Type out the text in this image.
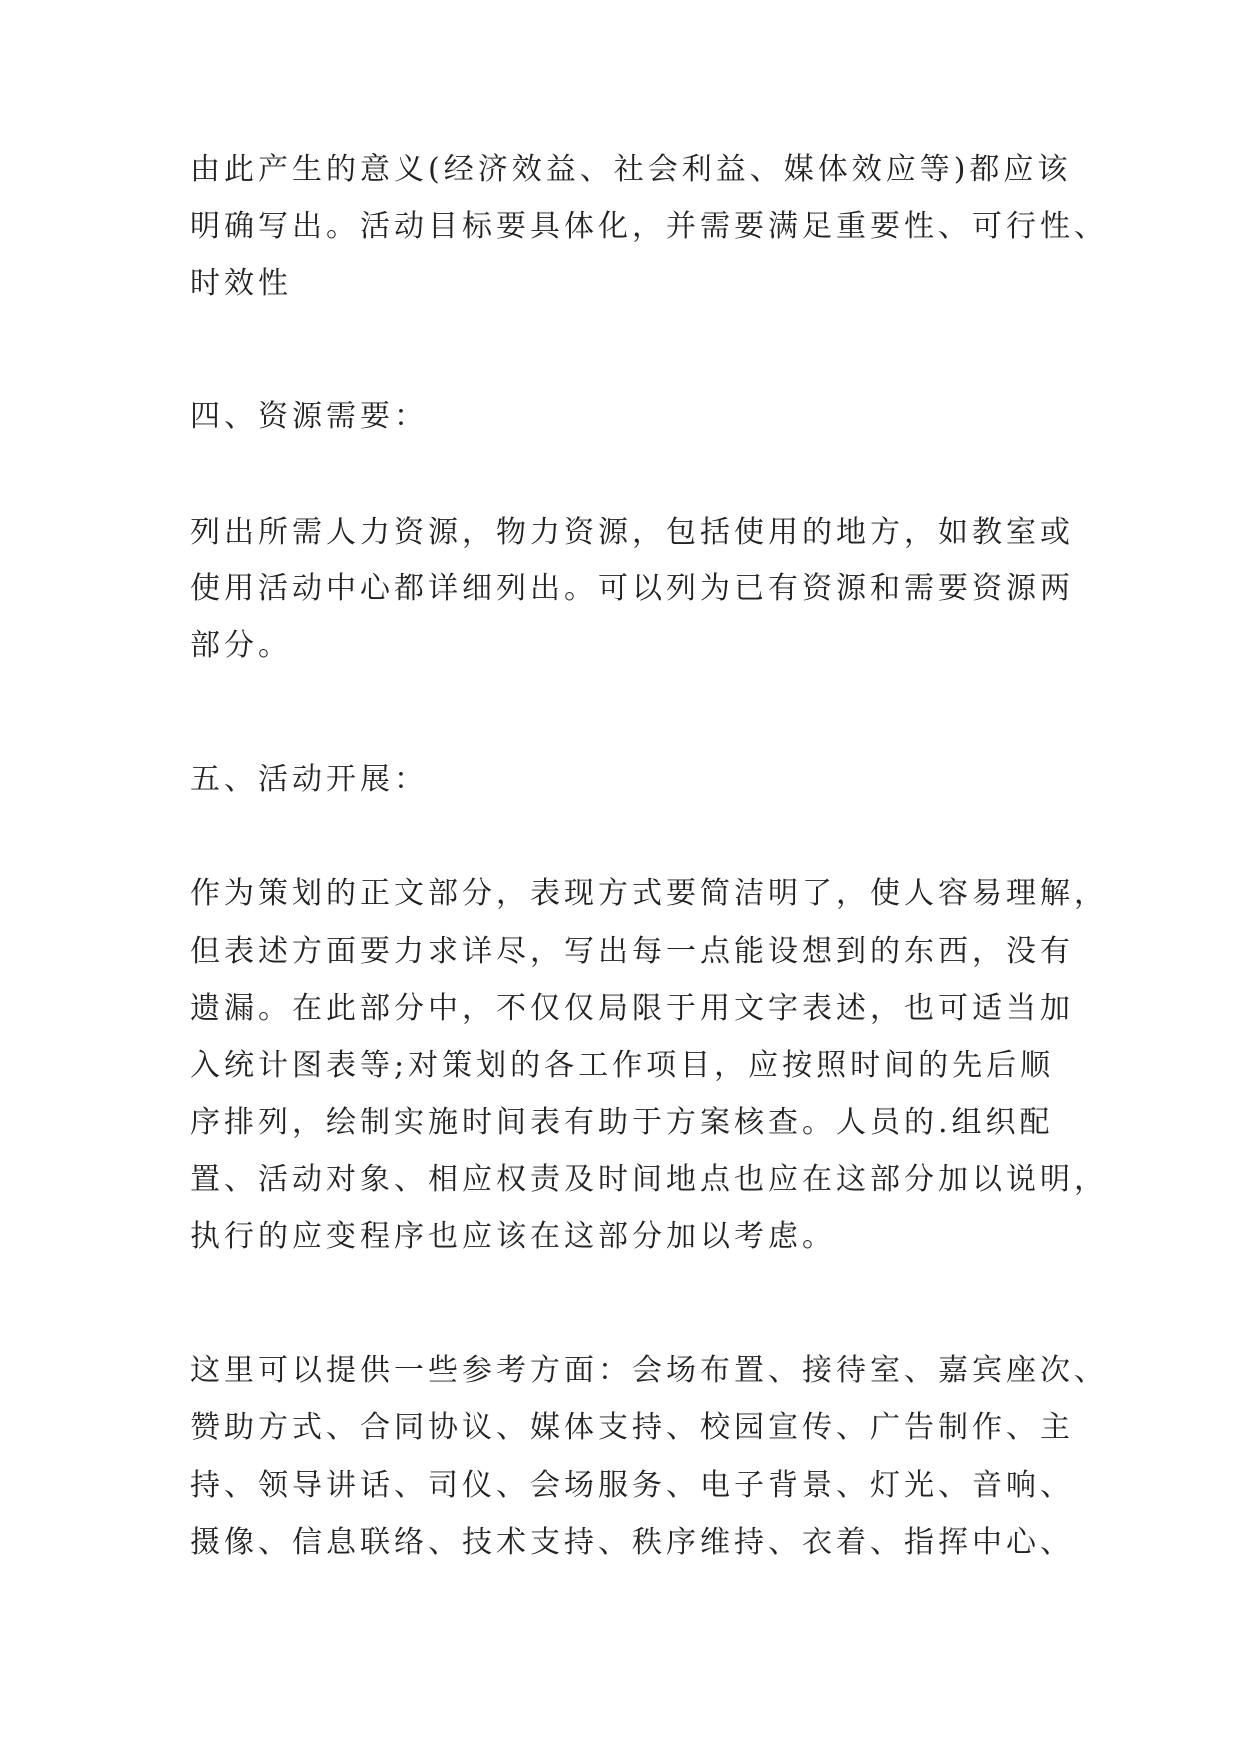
由此产生的意义(经济效益、社会利益、媒体效应等)都应该
明确写出。活动目标要具体化，并需要满足重要性、可行性、
时效性
四、资源需要：
列出所需人力资源，物力资源，包括使用的地方，如教室或
使用活动中心都详细列出。可以列为已有资源和需要资源两
部分。
五、活动开展：
作为策划的正文部分，表现方式要简洁明了，使人容易理解，
但表述方面要力求详尽，写出每一点能设想到的东西，没有
遗漏。在此部分中，不仅仅局限于用文字表述，也可适当加
入统计图表等;对策划的各工作项目，应按照时间的先后顺
序排列，绘制实施时间表有助于方案核查。人员的.组织配
置、活动对象、相应权责及时间地点也应在这部分加以说明，
执行的应变程序也应该在这部分加以考虑。
这里可以提供一些参考方面：会场布置、接待室、嘉宾座次、
赞助方式、合同协议、媒体支持、校园宣传、广告制作、主
持、领导讲话、司仪、会场服务、电子背景、灯光、音响、
摄像、信息联络、技术支持、秩序维持、衣着、指挥中心、
